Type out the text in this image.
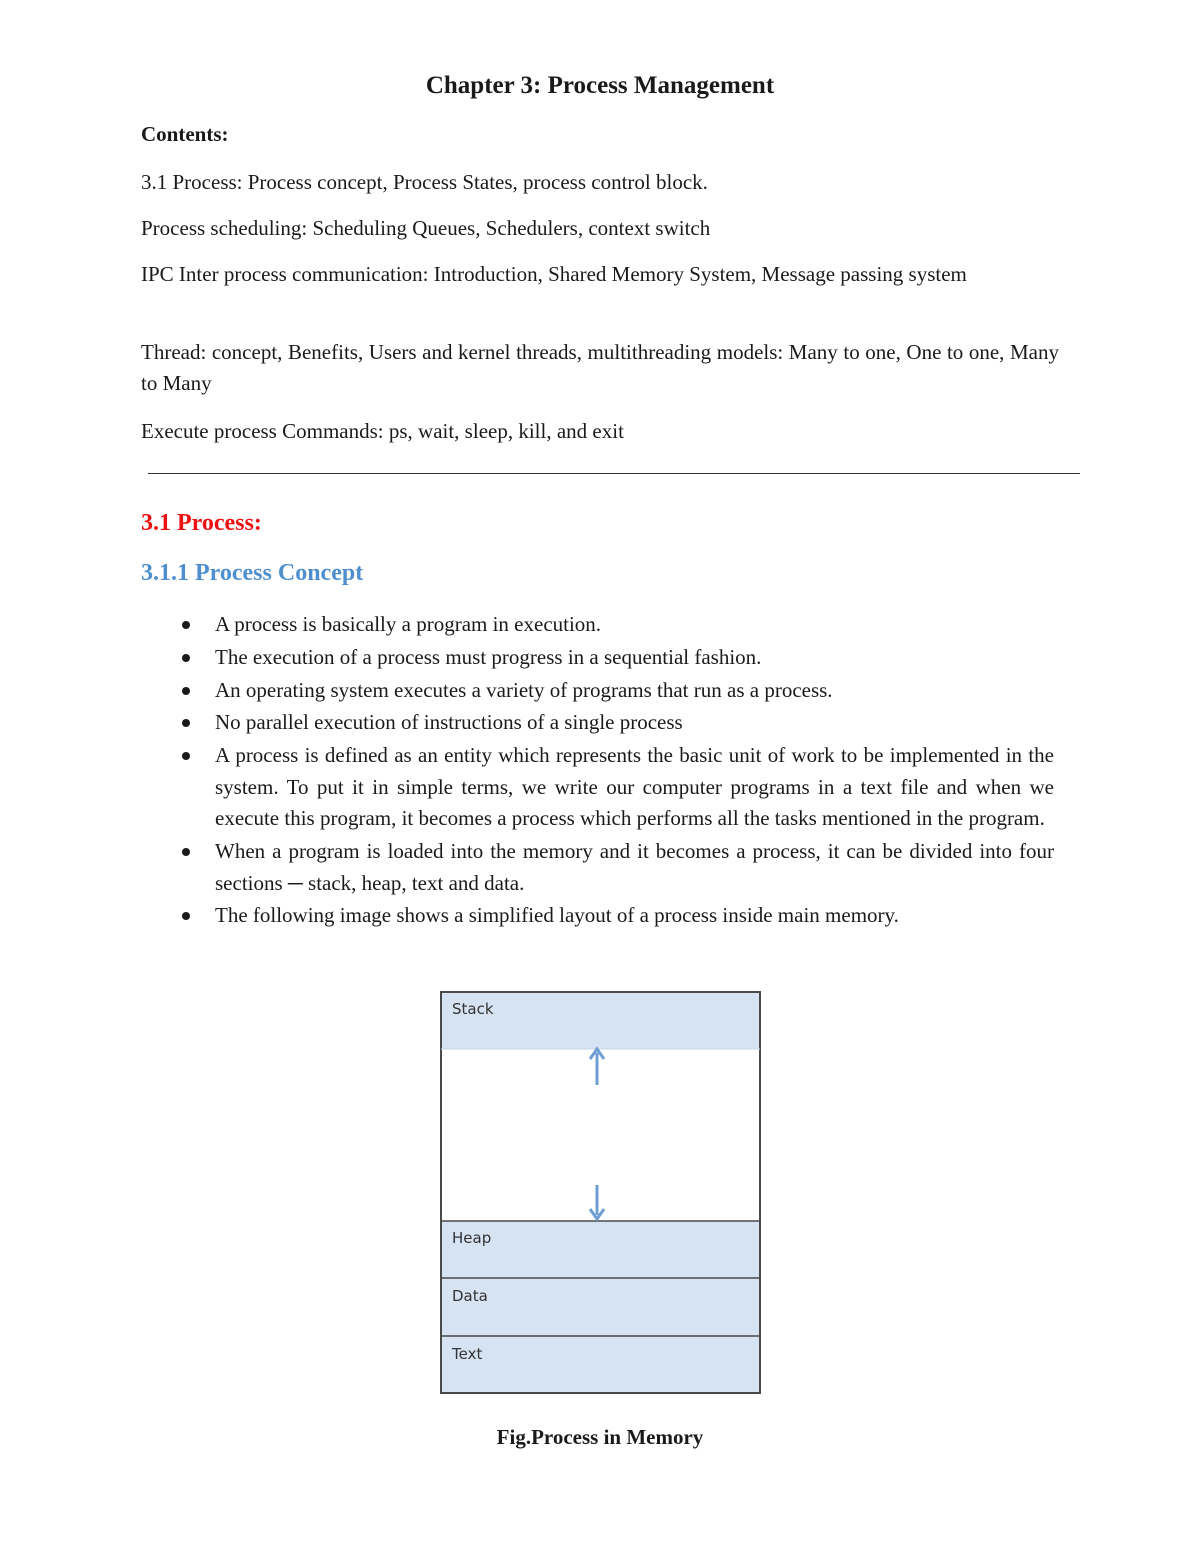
Chapter 3: Process Management

Contents:

3.1 Process: Process concept, Process States, process control block.

Process scheduling: Scheduling Queues, Schedulers, context switch

IPC Inter process communication: Introduction, Shared Memory System, Message passing system

Thread: concept, Benefits, Users and kernel threads, multithreading models: Many to one, One to one, Many to Many

Execute process Commands: ps, wait, sleep, kill, and exit

3.1 Process:
3.1.1 Process Concept
A process is basically a program in execution.
The execution of a process must progress in a sequential fashion.
An operating system executes a variety of programs that run as a process.
No parallel execution of instructions of a single process
A process is defined as an entity which represents the basic unit of work to be implemented in the system. To put it in simple terms, we write our computer programs in a text file and when we execute this program, it becomes a process which performs all the tasks mentioned in the program.
When a program is loaded into the memory and it becomes a process, it can be divided into four sections ─ stack, heap, text and data.
The following image shows a simplified layout of a process inside main memory.
Stack
Heap
Data
Text

Fig.Process in Memory
